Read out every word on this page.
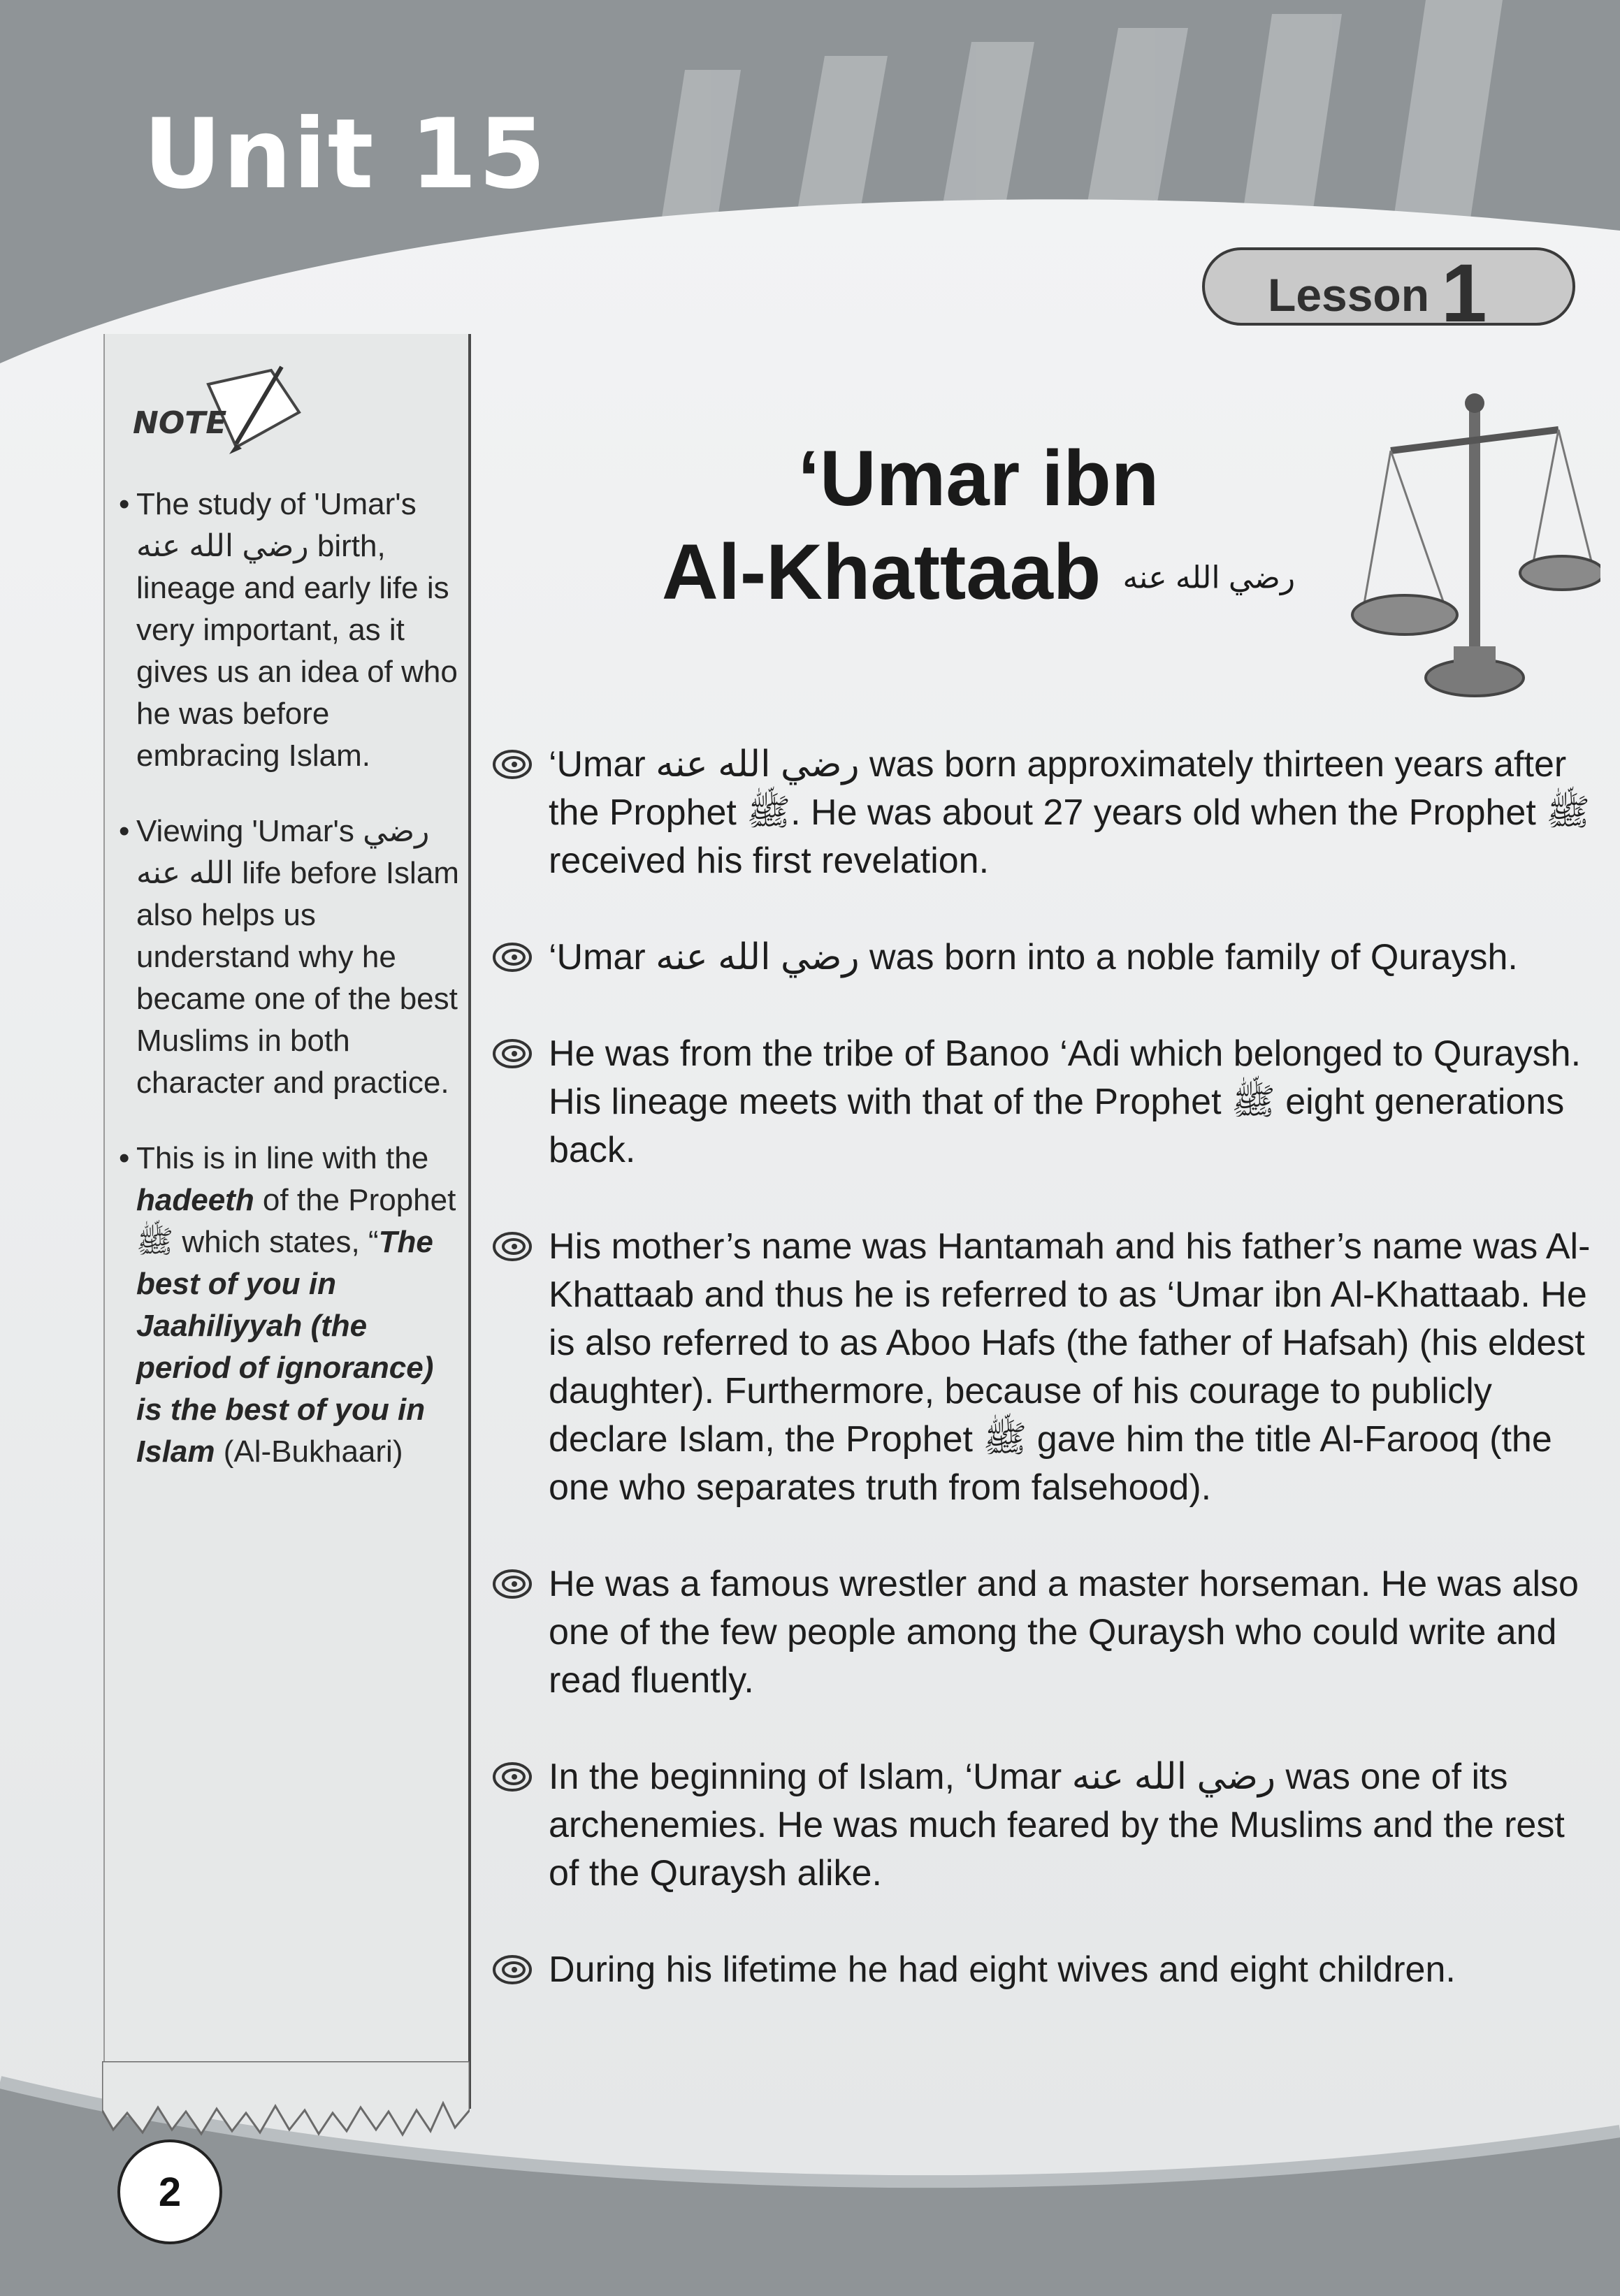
Unit 15
Lesson 1
NOTE
• The study of 'Umar's رضي الله عنه birth, lineage and early life is very important, as it gives us an idea of who he was before embracing Islam.
• Viewing 'Umar's رضي الله عنه life before Islam also helps us understand why he became one of the best Muslims in both character and practice.
• This is in line with the hadeeth of the Prophet ﷺ which states, “The best of you in Jaahiliyyah (the period of ignorance) is the best of you in Islam (Al-Bukhaari)
‘Umar ibn
Al-Khattaab رضي الله عنه
‘Umar رضي الله عنه was born approximately thirteen years after the Prophet ﷺ. He was about 27 years old when the Prophet ﷺ received his first revelation.
‘Umar رضي الله عنه was born into a noble family of Quraysh.
He was from the tribe of Banoo ‘Adi which belonged to Quraysh. His lineage meets with that of the Prophet ﷺ eight generations back.
His mother’s name was Hantamah and his father’s name was Al-Khattaab and thus he is referred to as ‘Umar ibn Al-Khattaab. He is also referred to as Aboo Hafs (the father of Hafsah) (his eldest daughter). Furthermore, because of his courage to publicly declare Islam, the Prophet ﷺ gave him the title Al-Farooq (the one who separates truth from falsehood).
He was a famous wrestler and a master horseman. He was also one of the few people among the Quraysh who could write and read fluently.
In the beginning of Islam, ‘Umar رضي الله عنه was one of its archenemies. He was much feared by the Muslims and the rest of the Quraysh alike.
During his lifetime he had eight wives and eight children.
2
